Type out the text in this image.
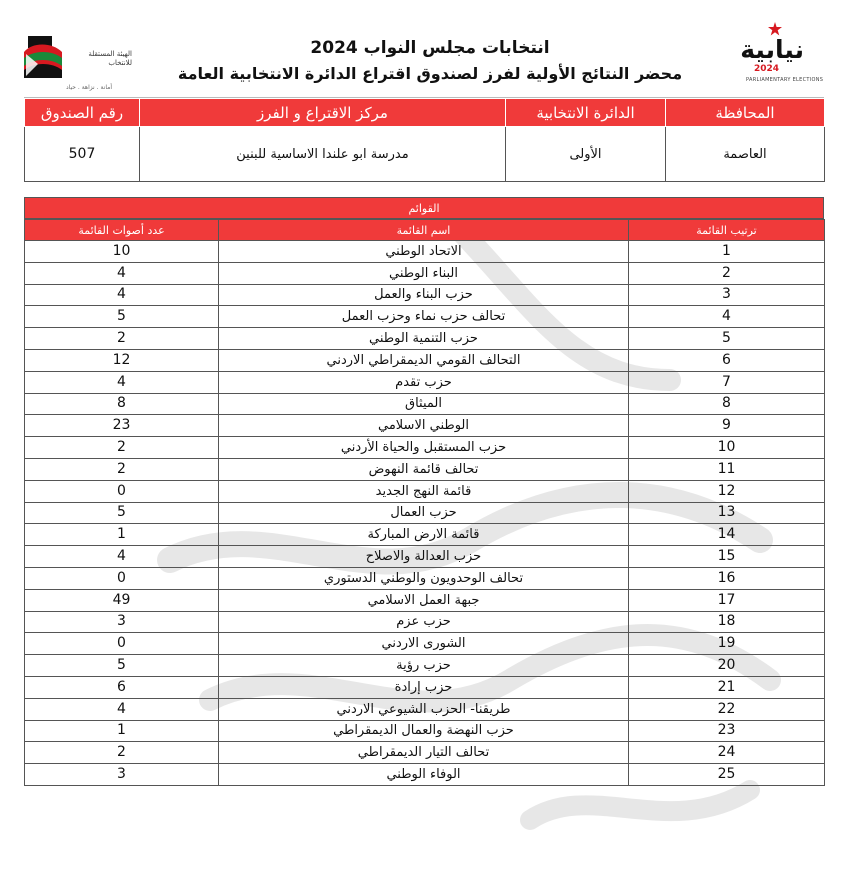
الهيئة المستقلة للانتخاب
أمانة . نزاهة . حياد
انتخابات مجلس النواب 2024
محضر النتائج الأولية لفرز لصندوق اقتراع الدائرة الانتخابية العامة
نيابية
2024
PARLIAMENTARY ELECTIONS
المحافظة	الدائرة الانتخابية	مركز الاقتراع و الفرز	رقم الصندوق
العاصمة	الأولى	مدرسة ابو علندا الاساسية للبنين	507
القوائم
ترتيب القائمة	اسم القائمة	عدد أصوات القائمة
1	الاتحاد الوطني	10
2	البناء الوطني	4
3	حزب البناء والعمل	4
4	تحالف حزب نماء وحزب العمل	5
5	حزب التنمية الوطني	2
6	التحالف القومي الديمقراطي الاردني	12
7	حزب تقدم	4
8	الميثاق	8
9	الوطني الاسلامي	23
10	حزب المستقبل والحياة الأردني	2
11	تحالف قائمة النهوض	2
12	قائمة النهج الجديد	0
13	حزب العمال	5
14	قائمة الارض المباركة	1
15	حزب العدالة والاصلاح	4
16	تحالف الوحدويون والوطني الدستوري	0
17	جبهة العمل الاسلامي	49
18	حزب عزم	3
19	الشورى الاردني	0
20	حزب رؤية	5
21	حزب إرادة	6
22	طريقنا- الحزب الشيوعي الاردني	4
23	حزب النهضة والعمال الديمقراطي	1
24	تحالف التيار الديمقراطي	2
25	الوفاء الوطني	3
